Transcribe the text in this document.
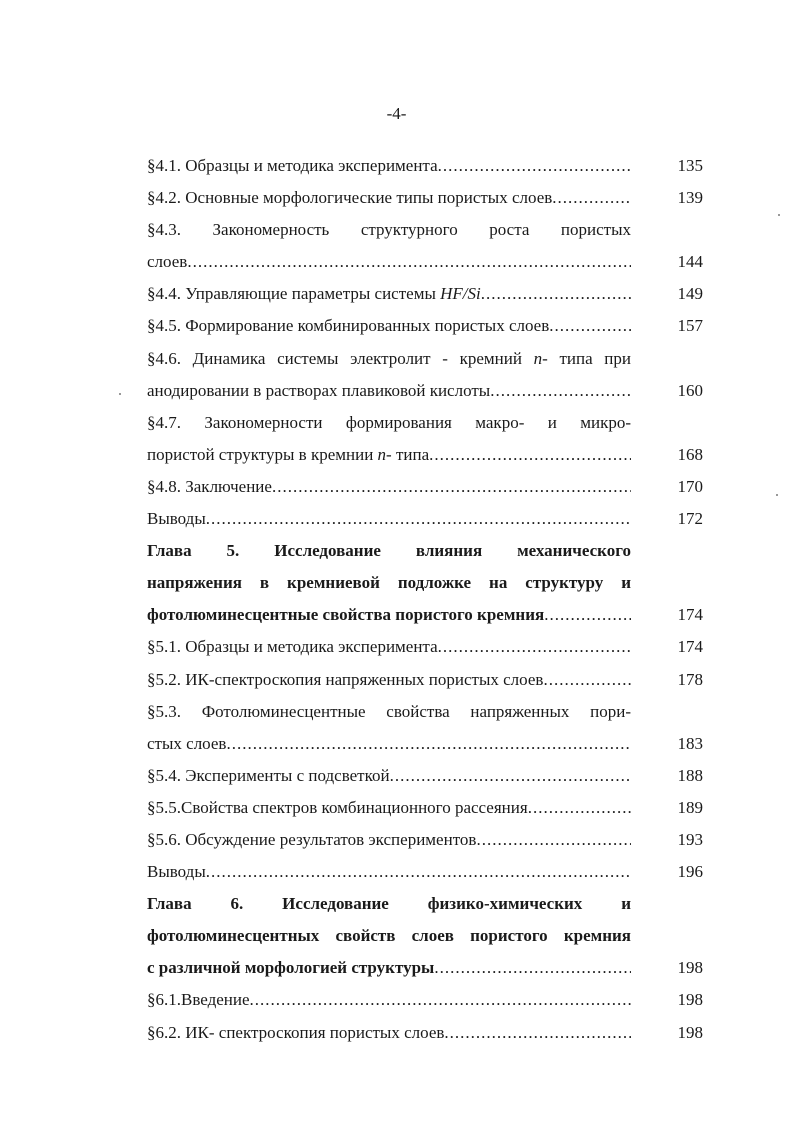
-4-
§4.1. Образцы и методика эксперимента .....	135
§4.2. Основные морфологические типы пористых слоев .....	139
§4.3. Закономерность структурного роста пористых
слоев .....	144
§4.4. Управляющие параметры системы HF/Si .....	149
§4.5. Формирование комбинированных пористых слоев .....	157
§4.6. Динамика системы электролит - кремний n- типа при
анодировании в растворах плавиковой кислоты .....	160
§4.7. Закономерности формирования макро- и микро-
пористой структуры в кремнии n- типа .....	168
§4.8. Заключение .....	170
Выводы .....	172
Глава 5. Исследование влияния механического
напряжения в кремниевой подложке на структуру и
фотолюминесцентные свойства пористого кремния .....	174
§5.1. Образцы и методика эксперимента .....	174
§5.2. ИК-спектроскопия напряженных пористых слоев .....	178
§5.3. Фотолюминесцентные свойства напряженных пори-
стых слоев .....	183
§5.4. Эксперименты с подсветкой .....	188
§5.5.Свойства спектров комбинационного рассеяния .....	189
§5.6. Обсуждение результатов экспериментов .....	193
Выводы .....	196
Глава 6. Исследование физико-химических и
фотолюминесцентных свойств слоев пористого кремния
с различной морфологией структуры .....	198
§6.1.Введение .....	198
§6.2. ИК- спектроскопия пористых слоев .....	198
